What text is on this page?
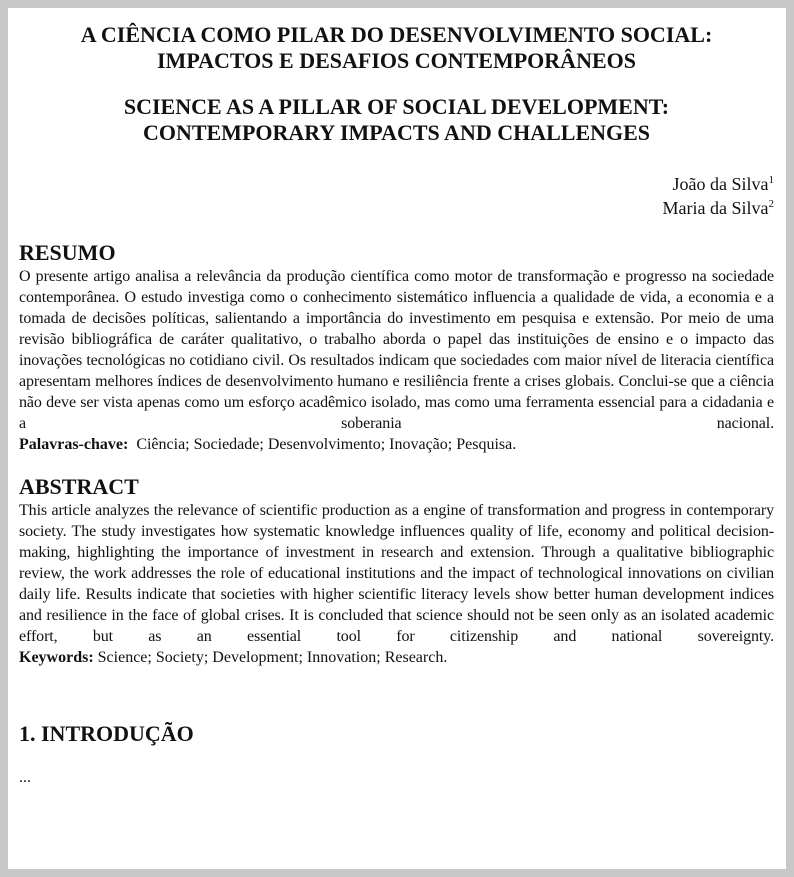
A CIÊNCIA COMO PILAR DO DESENVOLVIMENTO SOCIAL:
IMPACTOS E DESAFIOS CONTEMPORÂNEOS
SCIENCE AS A PILLAR OF SOCIAL DEVELOPMENT:
CONTEMPORARY IMPACTS AND CHALLENGES
João da Silva$^1$
Maria da Silva$^2$
RESUMO

O presente artigo analisa a relevância da produção científica como motor de transformação e progresso na sociedade contemporânea. O estudo investiga como o conhecimento sistemático influencia a qualidade de vida, a economia e a tomada de decisões políticas, salientando a importância do investimento em pesquisa e extensão. Por meio de uma revisão bibliográfica de caráter qualitativo, o trabalho aborda o papel das instituições de ensino e o impacto das inovações tecnológicas no cotidiano civil. Os resultados indicam que sociedades com maior nível de literacia científica apresentam melhores índices de desenvolvimento humano e resiliência frente a crises globais. Conclui-se que a ciência não deve ser vista apenas como um esforço acadêmico isolado, mas como uma ferramenta essencial para a cidadania e a soberania nacional.

Palavras-chave: Ciência; Sociedade; Desenvolvimento; Inovação; Pesquisa.

ABSTRACT

This article analyzes the relevance of scientific production as a engine of transformation and progress in contemporary society. The study investigates how systematic knowledge influences quality of life, economy and political decision-making, highlighting the importance of investment in research and extension. Through a qualitative bibliographic review, the work addresses the role of educational institutions and the impact of technological innovations on civilian daily life. Results indicate that societies with higher scientific literacy levels show better human development indices and resilience in the face of global crises. It is concluded that science should not be seen only as an isolated academic effort, but as an essential tool for citizenship and national sovereignty.

Keywords: Science; Society; Development; Innovation; Research.

1. INTRODUÇÃO
...
